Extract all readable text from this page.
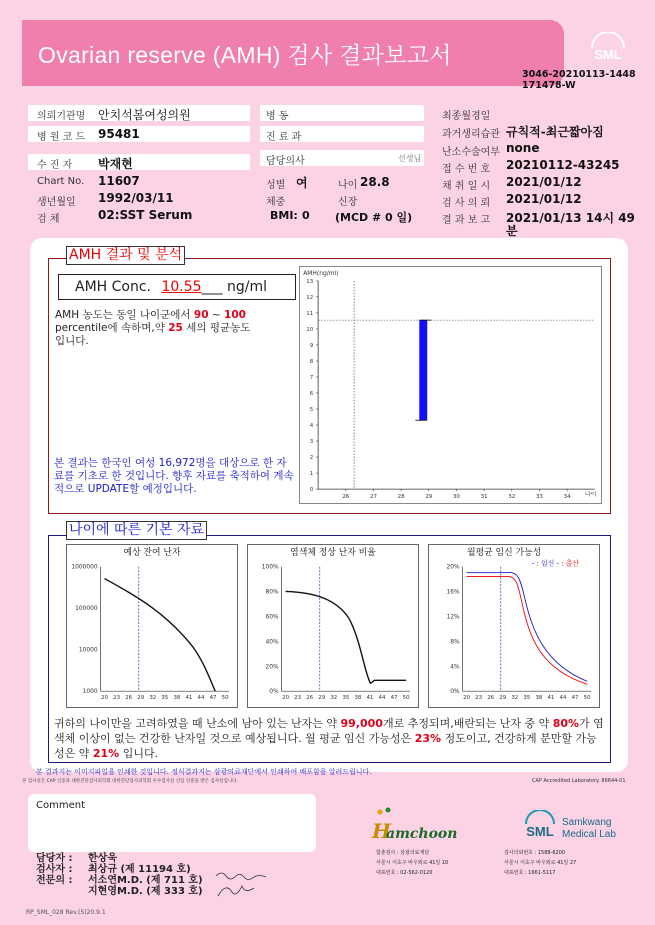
Ovarian reserve (AMH) 검사 결과보고서	SML
3046-20210113-1448
171478-W
의뢰기관명 안치석봄여성의원
병 원 코 드 95481
수 진 자 박재현
Chart No. 11607
생년월일 1992/03/11
검 체	02:SST Serum
병 동
진 료 과
담당의사	선생님
성별 여	나이 28.8
체중	신장
BMI: 0 (MCD # 0 일)
최종월경일
과거생리습관 규칙적-최근짧아짐
난소수술여부 none
접 수 번 호 20210112-43245
채 취 일 시 2021/01/12
검 사 의 뢰 2021/01/12
결 과 보 고 2021/01/13 14시 49
분
AMH 결과 및 분석
AMH Conc. 10.55___ ng/ml
AMH 농도는 동일 나이군에서 90 ~ 100
percentile에 속하며,약 25 세의 평균농도
입니다.
본 결과는 한국인 여성 16,972명을 대상으로 한 자료를 기초로 한 것입니다. 향후 자료를 축적하여 계속적으로 UPDATE할 예정입니다.
AMH(ng/ml)
나이
0
1
2
3
4
5
6
7
8
9
10
11
12
13
26	27	28	29	30	31	32	33	34
나이에 따른 기본 자료
예상 잔여 난자
1000000
100000
10000
1000
20 23 26 29 32 35 38 41 44 47 50
염색체 정상 난자 비율
100%
80%
60%
40%
20%
0%
20 23 26 29 32 35 38 41 44 47 50
월평균 임신 가능성
- : 임신 - : 출산
20%
16%
12%
8%
4%
0%
20 23 26 29 32 35 38 41 44 47 50
귀하의 나이만을 고려하였을 때 난소에 남아 있는 난자는 약 99,000개로 추정되며,배란되는 난자 중 약 80%가 염색체 이상이 없는 건강한 난자일 것으로 예상됩니다. 월 평균 임신 가능성은 23% 정도이고, 건강하게 분만할 가능성은 약 21% 입니다.
본 결과지는 이미지파일을 인쇄한 것입니다. 정식결과지는 삼광의료재단에서 인쇄하여 배포함을 알려드립니다.
본 검사실은 CAP 인증과 대한진단검사의학회 대한진단검사의학회 우수검사실 신임 인증을 받은 검사실입니다.	CAP Accredited Laboratory. 86644-01
Comment
담당자 : 한상욱
검사자 : 최상규 (제 11194 호)
전문의 : 서소연M.D. (제 711 호)
지현영M.D. (제 333 호)
H
amchoon
함춘검사 : 삼광의료재단
서울시 서초구 바우뫼로 41일 10
대표번호 : 02-562-0120
SML
Samkwang
Medical Lab
검사의뢰번호 : 1588-6200
서울시 서초구 바우뫼로 41일 27
대표번호 : 1661-5117
RP_SML_028 Rev.(5)20.9.1
